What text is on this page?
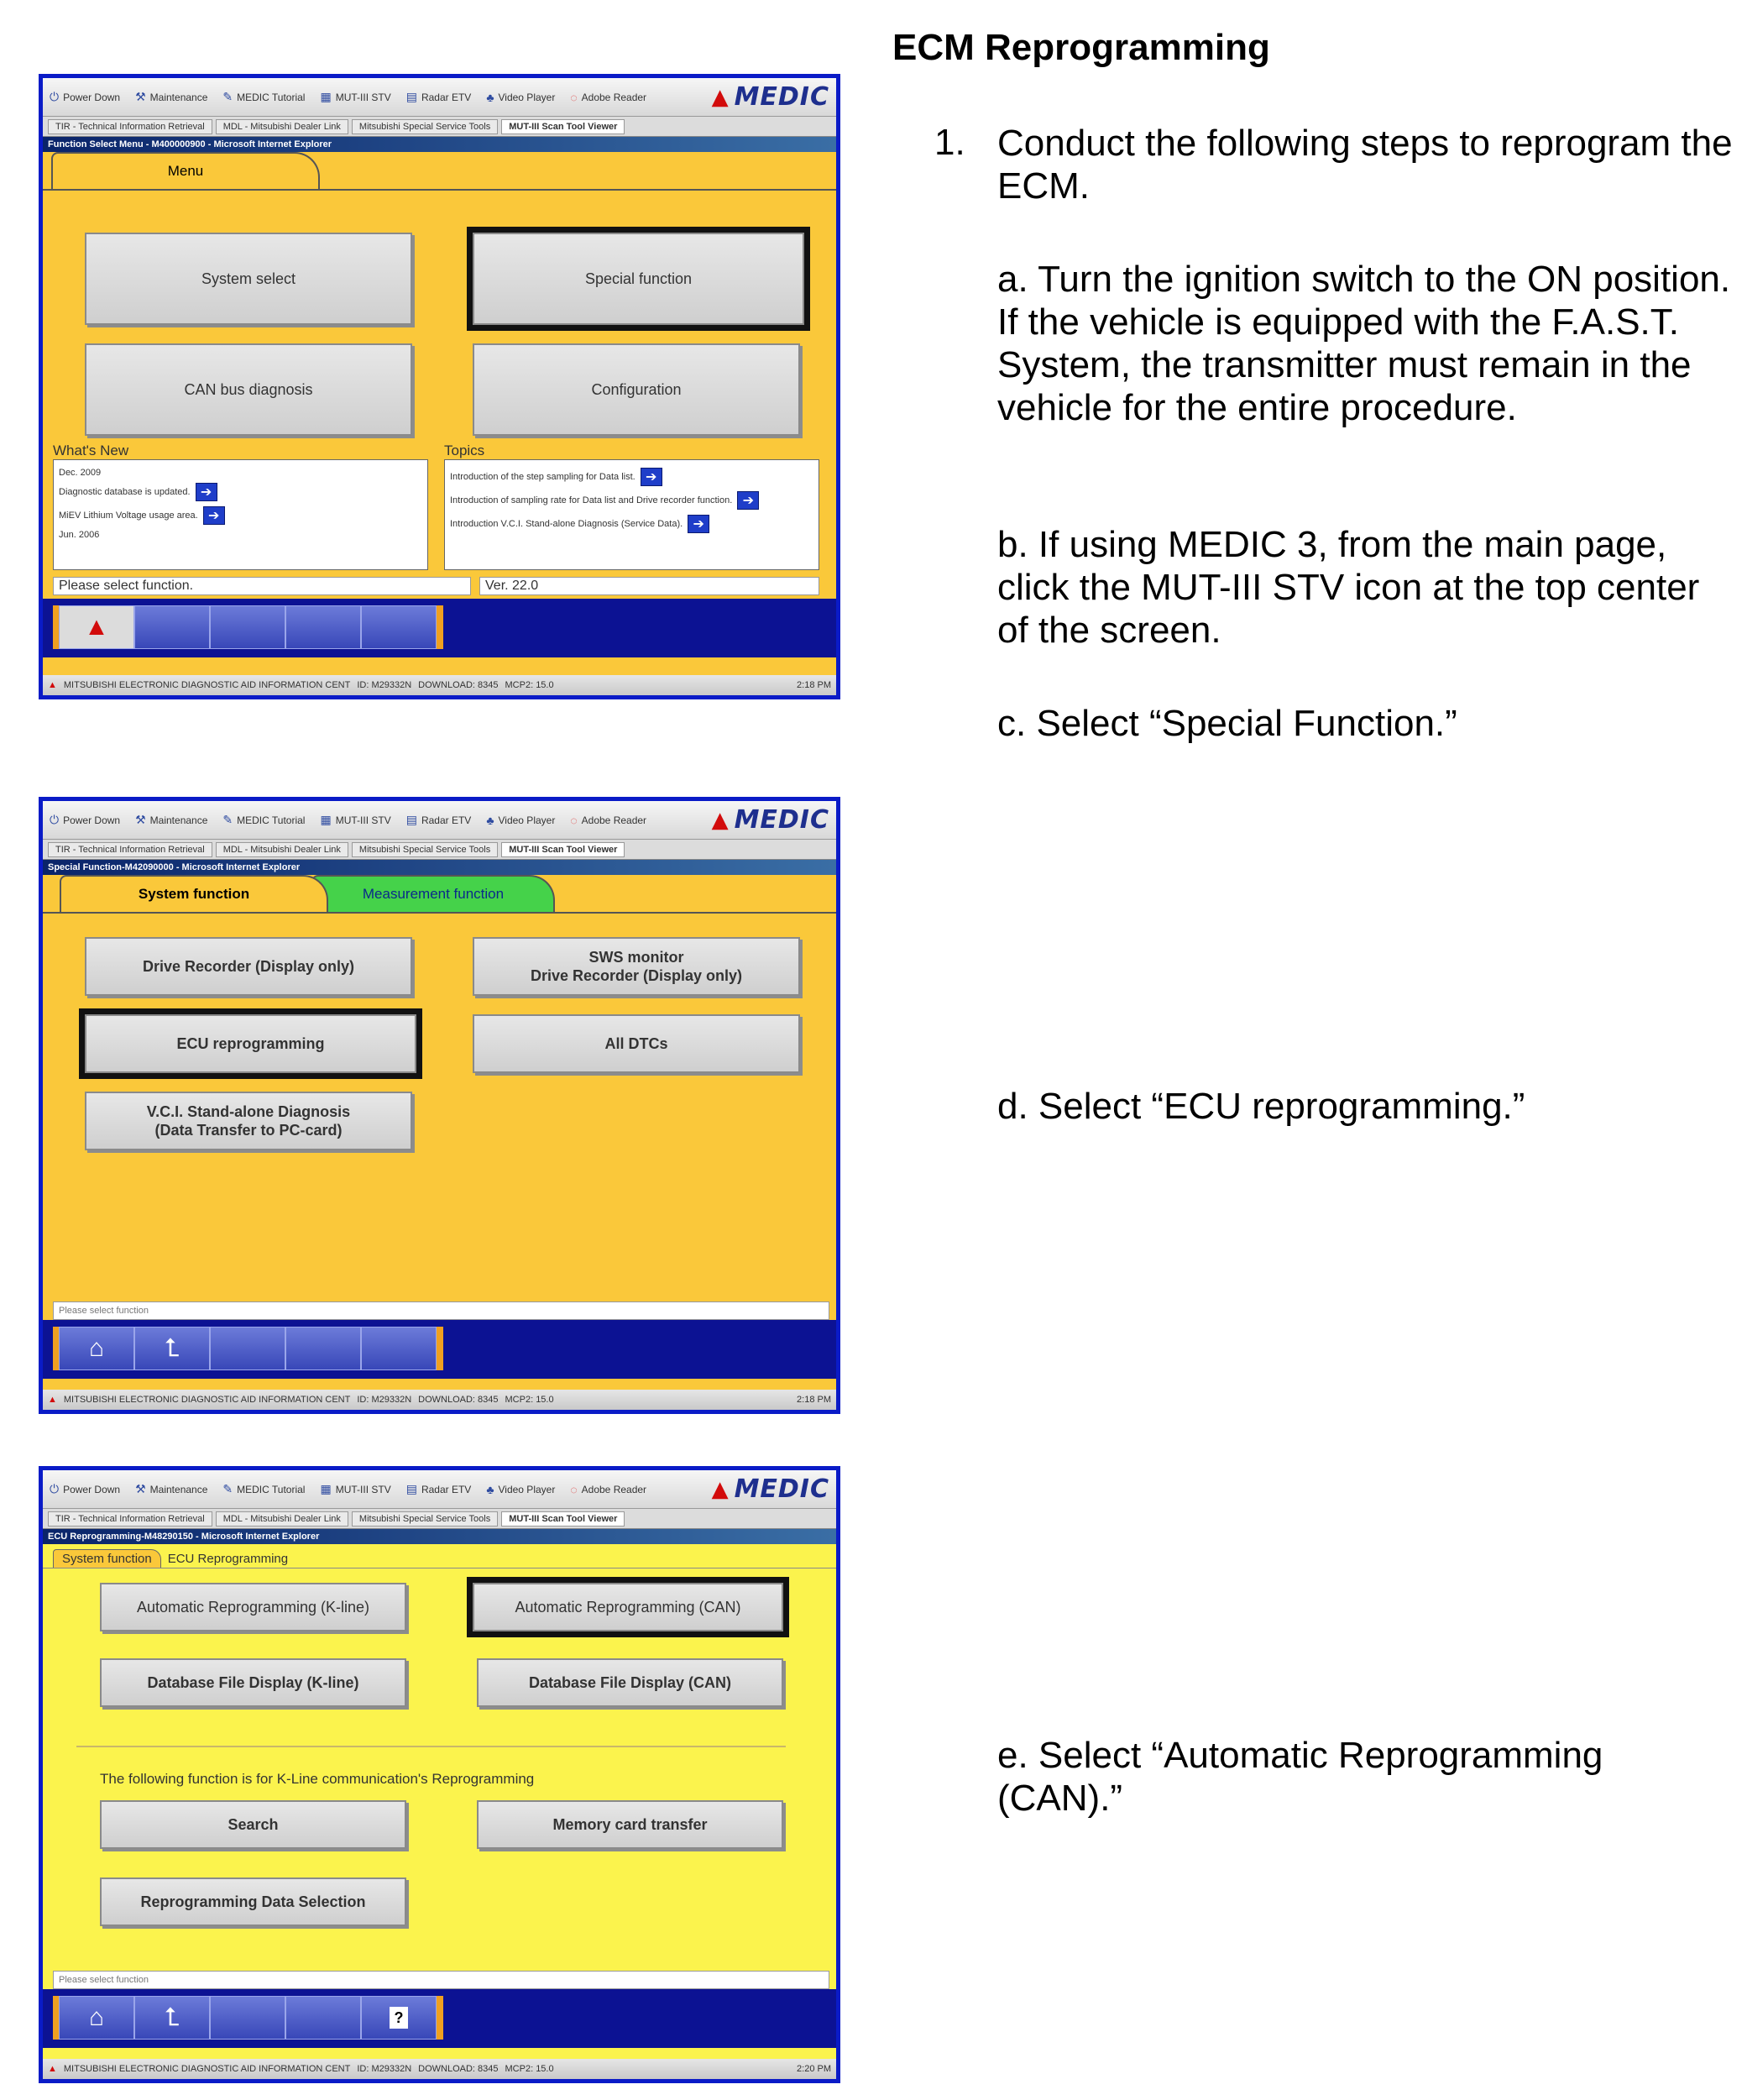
ECM Reprogramming
1. Conduct the following steps to reprogram the ECM.
a. Turn the ignition switch to the ON position. If the vehicle is equipped with the F.A.S.T. System, the transmitter must remain in the vehicle for the entire procedure.
b. If using MEDIC 3, from the main page, click the MUT-III STV icon at the top center of the screen.
c. Select “Special Function.”
d. Select “ECU reprogramming.”
e. Select “Automatic Reprogramming (CAN).”
⏻ Power Down ⚒ Maintenance ✎ MEDIC Tutorial ▦ MUT-III STV ▤ Radar ETV ♣ Video Player ◌ Adobe Reader	▲ MEDIC
TIR - Technical Information Retrieval	MDL - Mitsubishi Dealer Link	Mitsubishi Special Service Tools	MUT-III Scan Tool Viewer
Function Select Menu - M400000900 - Microsoft Internet Explorer
Menu
System select	Special function
CAN bus diagnosis	Configuration
What's New
Dec. 2009
Diagnostic database is updated. ➔
MiEV Lithium Voltage usage area. ➔
Jun. 2006
Topics
Introduction of the step sampling for Data list. ➔
Introduction of sampling rate for Data list and Drive recorder function. ➔
Introduction V.C.I. Stand-alone Diagnosis (Service Data). ➔
Please select function.	Ver. 22.0
▲
▲ MITSUBISHI ELECTRONIC DIAGNOSTIC AID INFORMATION CENT ID: M29332N DOWNLOAD: 8345 MCP2: 15.0	2:18 PM
⏻ Power Down ⚒ Maintenance ✎ MEDIC Tutorial ▦ MUT-III STV ▤ Radar ETV ♣ Video Player ◌ Adobe Reader	▲ MEDIC
TIR - Technical Information Retrieval	MDL - Mitsubishi Dealer Link	Mitsubishi Special Service Tools	MUT-III Scan Tool Viewer
Special Function-M42090000 - Microsoft Internet Explorer
Measurement function
System function
Drive Recorder (Display only)
SWS monitor
Drive Recorder (Display only)
ECU reprogramming	All DTCs
V.C.I. Stand-alone Diagnosis
(Data Transfer to PC-card)
Please select function
⌂ ⮤
▲ MITSUBISHI ELECTRONIC DIAGNOSTIC AID INFORMATION CENT ID: M29332N DOWNLOAD: 8345 MCP2: 15.0	2:18 PM
⏻ Power Down ⚒ Maintenance ✎ MEDIC Tutorial ▦ MUT-III STV ▤ Radar ETV ♣ Video Player ◌ Adobe Reader	▲ MEDIC
TIR - Technical Information Retrieval	MDL - Mitsubishi Dealer Link	Mitsubishi Special Service Tools	MUT-III Scan Tool Viewer
ECU Reprogramming-M48290150 - Microsoft Internet Explorer
System function	ECU Reprogramming
Automatic Reprogramming (K-line)	Automatic Reprogramming (CAN)
Database File Display (K-line)	Database File Display (CAN)
The following function is for K-Line communication's Reprogramming
Search	Memory card transfer
Reprogramming Data Selection
Please select function
⌂ ⮤	?
▲ MITSUBISHI ELECTRONIC DIAGNOSTIC AID INFORMATION CENT ID: M29332N DOWNLOAD: 8345 MCP2: 15.0	2:20 PM
